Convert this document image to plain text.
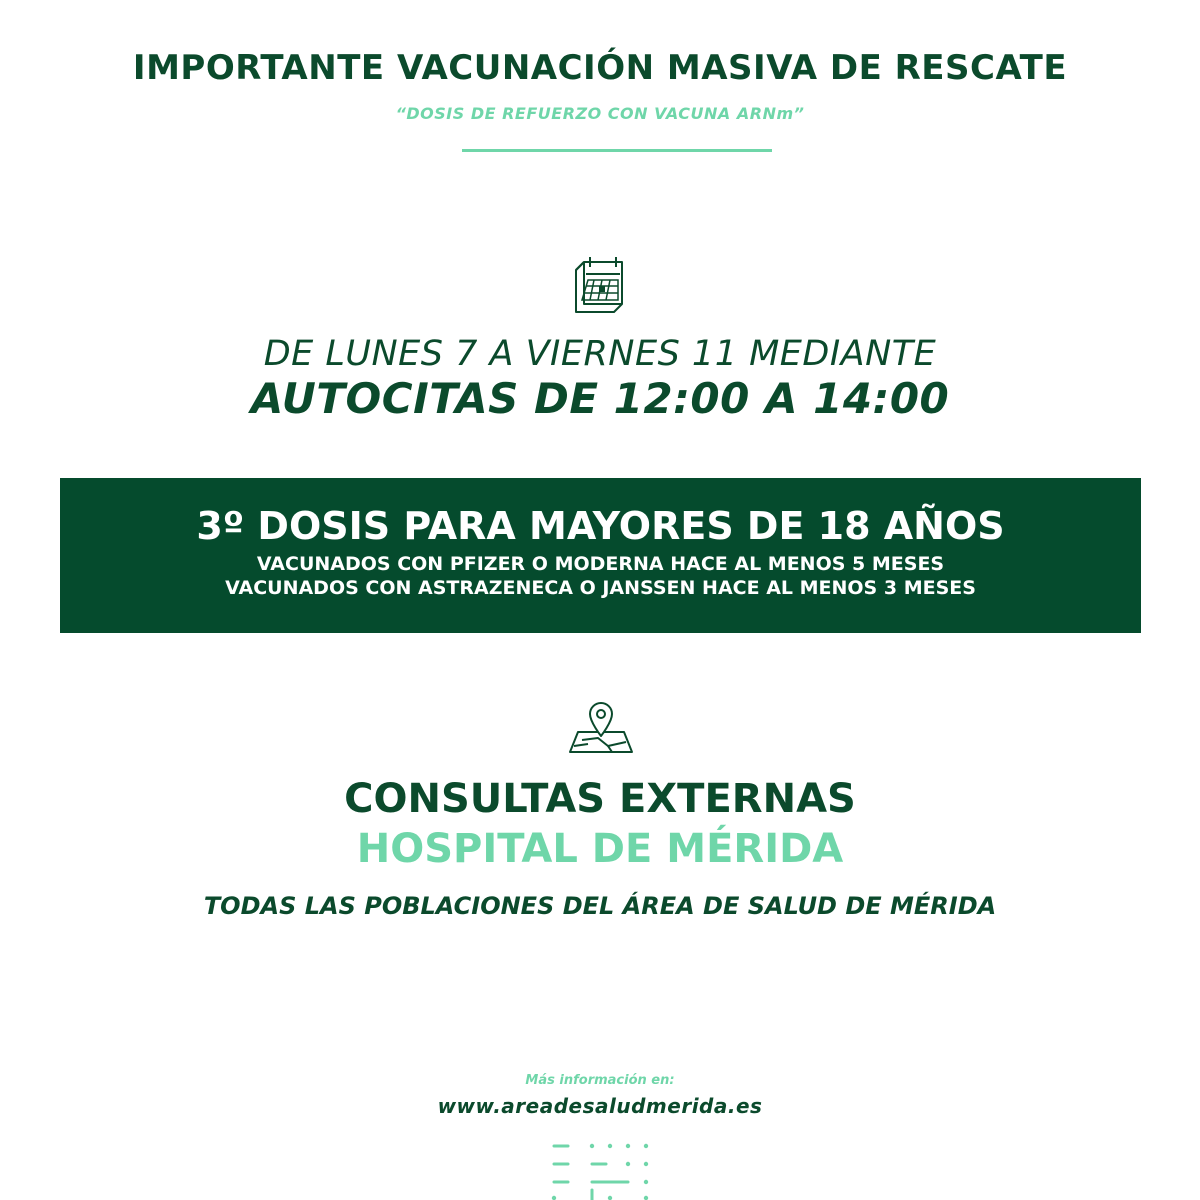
IMPORTANTE VACUNACIÓN MASIVA DE RESCATE
“DOSIS DE REFUERZO CON VACUNA ARNm”
DE LUNES 7 A VIERNES 11 MEDIANTE
AUTOCITAS DE 12:00 A 14:00
3º DOSIS PARA MAYORES DE 18 AÑOS
VACUNADOS CON PFIZER O MODERNA HACE AL MENOS 5 MESES
VACUNADOS CON ASTRAZENECA O JANSSEN HACE AL MENOS 3 MESES
CONSULTAS EXTERNAS
HOSPITAL DE MÉRIDA
TODAS LAS POBLACIONES DEL ÁREA DE SALUD DE MÉRIDA
Más información en:
www.areadesaludmerida.es
